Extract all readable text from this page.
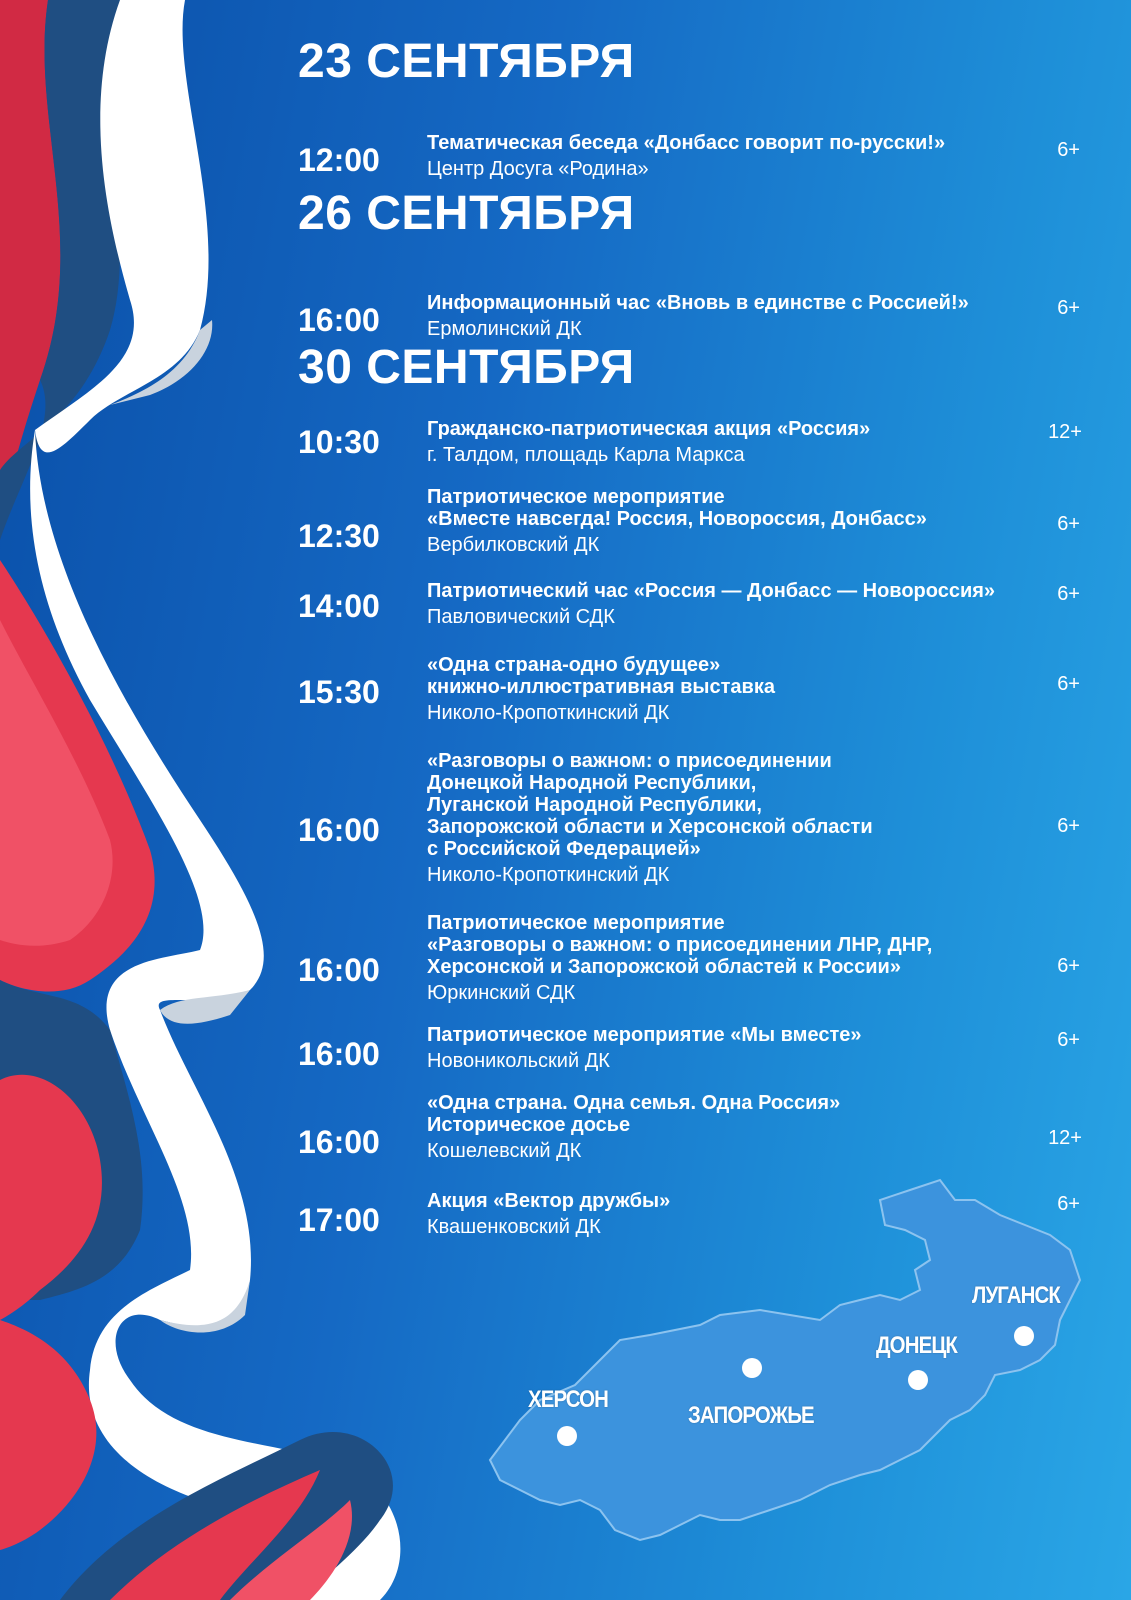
ХЕРСОН
ЗАПОРОЖЬЕ
ДОНЕЦК
ЛУГАНСК
23 СЕНТЯБРЯ
12:00 Тематическая беседа «Донбасс говорит по-русски!»
Центр Досуга «Родина»
6+
26 СЕНТЯБРЯ
16:00 Информационный час «Вновь в единстве с Россией!»
Ермолинский ДК
6+
30 СЕНТЯБРЯ
10:30 Гражданско-патриотическая акция «Россия»
г. Талдом, площадь Карла Маркса
12+
12:30
Патриотическое мероприятие
«Вместе навсегда! Россия, Новороссия, Донбасс»
Вербилковский ДК
6+
14:00 Патриотический час «Россия — Донбасс — Новороссия»
Павловический СДК
6+
15:30
«Одна страна-одно будущее»
книжно-иллюстративная выставка
Николо-Кропоткинский ДК
6+
16:00
«Разговоры о важном: о присоединении
Донецкой Народной Республики,
Луганской Народной Республики,
Запорожской области и Херсонской области
с Российской Федерацией»
Николо-Кропоткинский ДК
6+
16:00
Патриотическое мероприятие
«Разговоры о важном: о присоединении ЛНР, ДНР,
Херсонской и Запорожской областей к России»
Юркинский СДК
6+
16:00
Патриотическое мероприятие «Мы вместе»
Новоникольский ДК
6+
16:00
«Одна страна. Одна семья. Одна Россия»
Историческое досье
Кошелевский ДК
12+
17:00
Акция «Вектор дружбы»
Квашенковский ДК
6+
